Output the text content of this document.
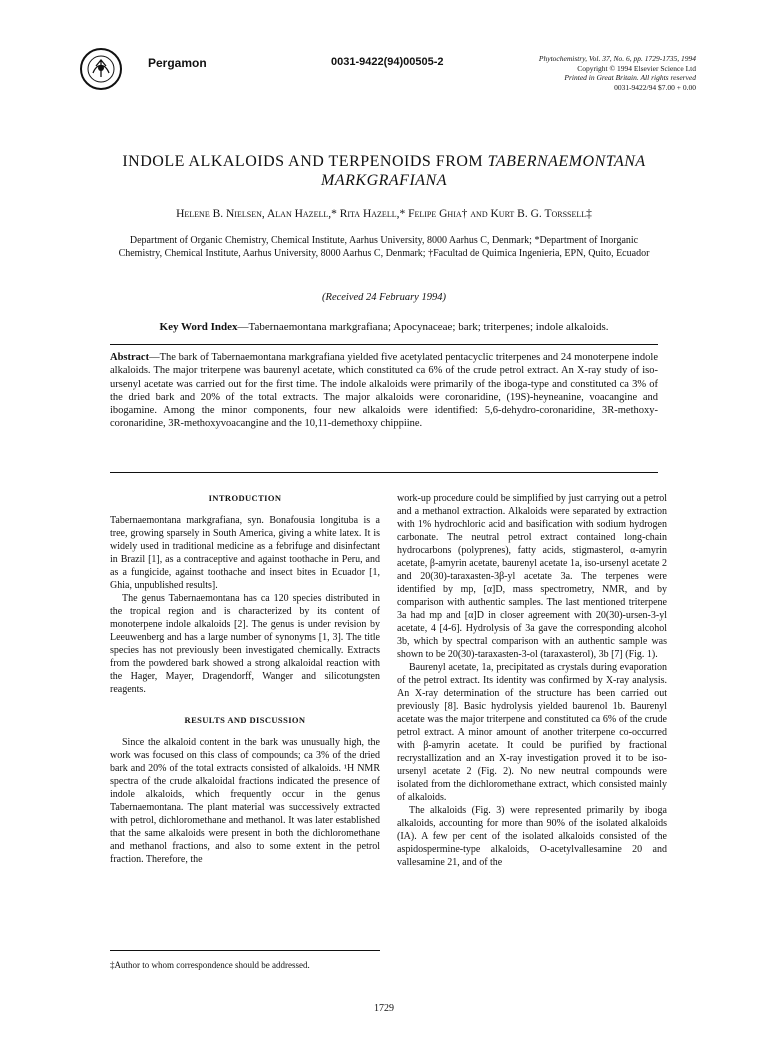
Pergamon	0031-9422(94)00505-2	Phytochemistry, Vol. 37, No. 6, pp. 1729-1735, 1994
Copyright © 1994 Elsevier Science Ltd
Printed in Great Britain. All rights reserved
0031-9422/94 $7.00 + 0.00
INDOLE ALKALOIDS AND TERPENOIDS FROM TABERNAEMONTANA
MARKGRAFIANA
Helene B. Nielsen, Alan Hazell,* Rita Hazell,* Felipe Ghia† and Kurt B. G. Torssell‡
Department of Organic Chemistry, Chemical Institute, Aarhus University, 8000 Aarhus C, Denmark; *Department of Inorganic Chemistry, Chemical Institute, Aarhus University, 8000 Aarhus C, Denmark; †Facultad de Quimica Ingenieria, EPN, Quito, Ecuador
(Received 24 February 1994)
Key Word Index—Tabernaemontana markgrafiana; Apocynaceae; bark; triterpenes; indole alkaloids.
Abstract—The bark of Tabernaemontana markgrafiana yielded five acetylated pentacyclic triterpenes and 24 monoterpene indole alkaloids. The major triterpene was baurenyl acetate, which constituted ca 6% of the crude petrol extract. An X-ray study of iso-ursenyl acetate was carried out for the first time. The indole alkaloids were primarily of the iboga-type and constituted ca 3% of the dried bark and 20% of the total extracts. The major alkaloids were coronaridine, (19S)-heyneanine, voacangine and ibogamine. Among the minor components, four new alkaloids were identified: 5,6-dehydro-coronaridine, 3R-methoxy-coronaridine, 3R-methoxyvoacangine and the 10,11-demethoxy chippiine.
INTRODUCTION

Tabernaemontana markgrafiana, syn. Bonafousia longituba is a tree, growing sparsely in South America, giving a white latex. It is widely used in traditional medicine as a febrifuge and disinfectant in Brazil [1], as a contraceptive and against toothache in Peru, and as a fungicide, against toothache and insect bites in Ecuador [1, Ghia, unpublished results].

The genus Tabernaemontana has ca 120 species distributed in the tropical region and is characterized by its content of monoterpene indole alkaloids [2]. The genus is under revision by Leeuwenberg and has a large number of synonyms [1, 3]. The title species has not previously been investigated chemically. Extracts from the powdered bark showed a strong alkaloidal reaction with the Hager, Mayer, Dragendorff, Wanger and silicotungsten reagents.

RESULTS AND DISCUSSION

Since the alkaloid content in the bark was unusually high, the work was focused on this class of compounds; ca 3% of the dried bark and 20% of the total extracts consisted of alkaloids. ¹H NMR spectra of the crude alkaloidal fractions indicated the presence of indole alkaloids, which frequently occur in the genus Tabernaemontana. The plant material was successively extracted with petrol, dichloromethane and methanol. It was later established that the same alkaloids were present in both the dichloromethane and methanol fractions, and also to some extent in the petrol fraction. Therefore, the

work-up procedure could be simplified by just carrying out a petrol and a methanol extraction. Alkaloids were separated by extraction with 1% hydrochloric acid and basification with sodium hydrogen carbonate. The neutral petrol extract contained long-chain hydrocarbons (polyprenes), fatty acids, stigmasterol, α-amyrin acetate, β-amyrin acetate, baurenyl acetate 1a, iso-ursenyl acetate 2 and 20(30)-taraxasten-3β-yl acetate 3a. The terpenes were identified by mp, [α]D, mass spectrometry, NMR, and by comparison with authentic samples. The last mentioned triterpene 3a had mp and [α]D in closer agreement with 20(30)-ursen-3-yl acetate, 4 [4-6]. Hydrolysis of 3a gave the corresponding alcohol 3b, which by spectral comparison with an authentic sample was shown to be 20(30)-taraxasten-3-ol (taraxasterol), 3b [7] (Fig. 1).

Baurenyl acetate, 1a, precipitated as crystals during evaporation of the petrol extract. Its identity was confirmed by X-ray analysis. An X-ray determination of the structure has been carried out previously [8]. Basic hydrolysis yielded baurenol 1b. Baurenyl acetate was the major triterpene and constituted ca 6% of the crude petrol extract. A minor amount of another triterpene co-occurred with β-amyrin acetate. It could be purified by fractional recrystallization and an X-ray investigation proved it to be iso-ursenyl acetate 2 (Fig. 2). No new neutral compounds were isolated from the dichloromethane extract, which consisted mainly of alkaloids.

The alkaloids (Fig. 3) were represented primarily by iboga alkaloids, accounting for more than 90% of the isolated alkaloids (IA). A few per cent of the isolated alkaloids consisted of the aspidospermine-type alkaloids, O-acetylvallesamine 20 and vallesamine 21, and of the

‡Author to whom correspondence should be addressed.
1729
